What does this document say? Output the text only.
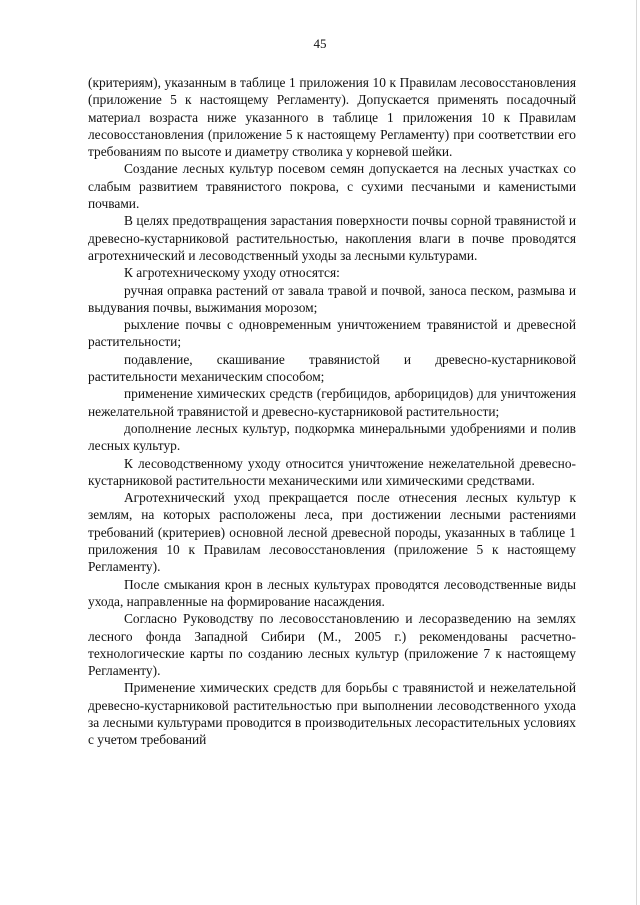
45

(критериям), указанным в таблице 1 приложения 10 к Правилам лесовосстановления (приложение 5 к настоящему Регламенту). Допускается применять посадочный материал возраста ниже указанного в таблице 1 приложения 10 к Правилам лесовосстановления (приложение 5 к настоящему Регламенту) при соответствии его требованиям по высоте и диаметру стволика у корневой шейки.

Создание лесных культур посевом семян допускается на лесных участках со слабым развитием травянистого покрова, с сухими песчаными и каменистыми почвами.

В целях предотвращения зарастания поверхности почвы сорной травянистой и древесно-кустарниковой растительностью, накопления влаги в почве проводятся агротехнический и лесоводственный уходы за лесными культурами.

К агротехническому уходу относятся:

ручная оправка растений от завала травой и почвой, заноса песком, размыва и выдувания почвы, выжимания морозом;

рыхление почвы с одновременным уничтожением травянистой и древесной растительности;

подавление, скашивание травянистой и древесно-кустарниковой растительности механическим способом;

применение химических средств (гербицидов, арборицидов) для уничтожения нежелательной травянистой и древесно-кустарниковой растительности;

дополнение лесных культур, подкормка минеральными удобрениями и полив лесных культур.

К лесоводственному уходу относится уничтожение нежелательной древесно-кустарниковой растительности механическими или химическими средствами.

Агротехнический уход прекращается после отнесения лесных культур к землям, на которых расположены леса, при достижении лесными растениями требований (критериев) основной лесной древесной породы, указанных в таблице 1 приложения 10 к Правилам лесовосстановления (приложение 5 к настоящему Регламенту).

После смыкания крон в лесных культурах проводятся лесоводственные виды ухода, направленные на формирование насаждения.

Согласно Руководству по лесовосстановлению и лесоразведению на землях лесного фонда Западной Сибири (М., 2005 г.) рекомендованы расчетно-технологические карты по созданию лесных культур (приложение 7 к настоящему Регламенту).

Применение химических средств для борьбы с травянистой и нежелательной древесно-кустарниковой растительностью при выполнении лесоводственного ухода за лесными культурами проводится в производительных лесорастительных условиях с учетом требований
